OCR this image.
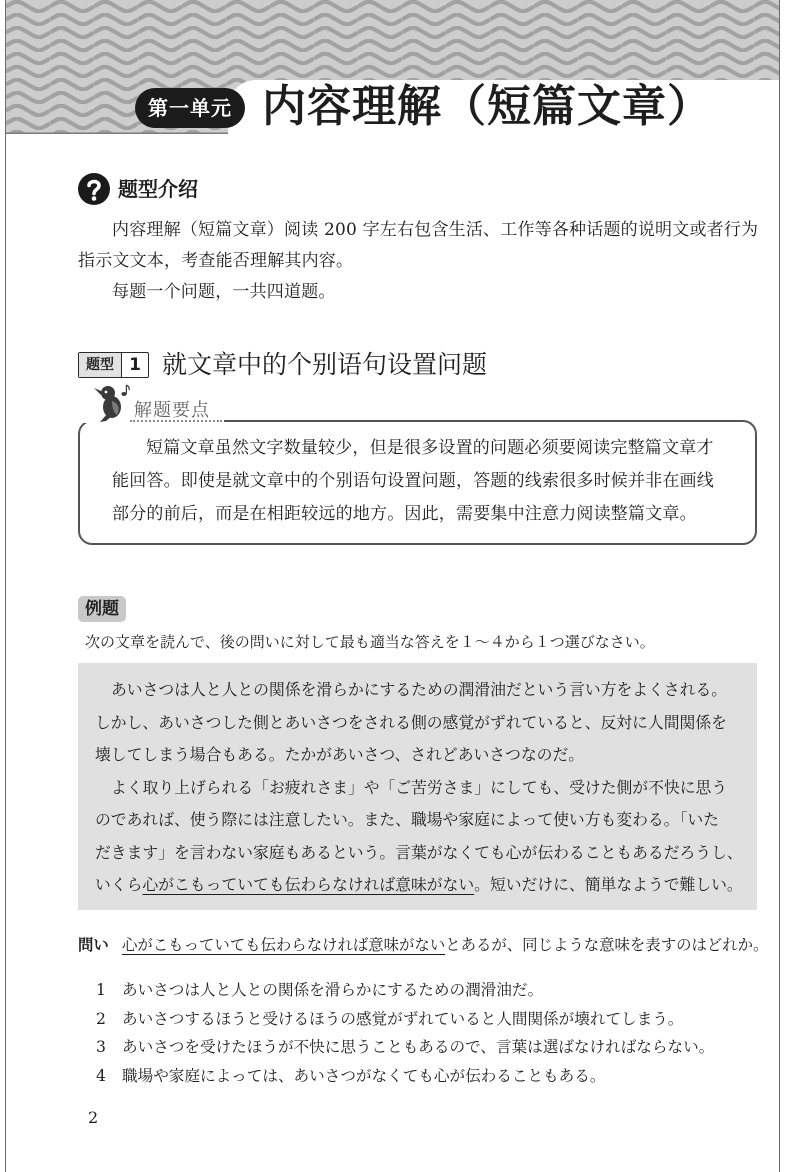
第一单元 内容理解（短篇文章）
题型介绍
内容理解（短篇文章）阅读 200 字左右包含生活、工作等各种话题的说明文或者行为
指示文文本，考查能否理解其内容。
每题一个问题，一共四道题。
题型 1 就文章中的个别语句设置问题
解题要点
短篇文章虽然文字数量较少，但是很多设置的问题必须要阅读完整篇文章才
能回答。即使是就文章中的个别语句设置问题，答题的线索很多时候并非在画线
部分的前后，而是在相距较远的地方。因此，需要集中注意力阅读整篇文章。
例题
次の文章を読んで、後の問いに対して最も適当な答えを１～４から１つ選びなさい。
あいさつは人と人との関係を滑らかにするための潤滑油だという言い方をよくされる。
しかし、あいさつした側とあいさつをされる側の感覚がずれていると、反対に人間関係を
壊してしまう場合もある。たかがあいさつ、されどあいさつなのだ。
よく取り上げられる「お疲れさま」や「ご苦労さま」にしても、受けた側が不快に思う
のであれば、使う際には注意したい。また、職場や家庭によって使い方も変わる。「いた
だきます」を言わない家庭もあるという。言葉がなくても心が伝わることもあるだろうし、
いくら心がこもっていても伝わらなければ意味がない。短いだけに、簡単なようで難しい。
問い 心がこもっていても伝わらなければ意味がないとあるが、同じような意味を表すのはどれか。
1 あいさつは人と人との関係を滑らかにするための潤滑油だ。
2 あいさつするほうと受けるほうの感覚がずれていると人間関係が壊れてしまう。
3 あいさつを受けたほうが不快に思うこともあるので、言葉は選ばなければならない。
4 職場や家庭によっては、あいさつがなくても心が伝わることもある。
2
